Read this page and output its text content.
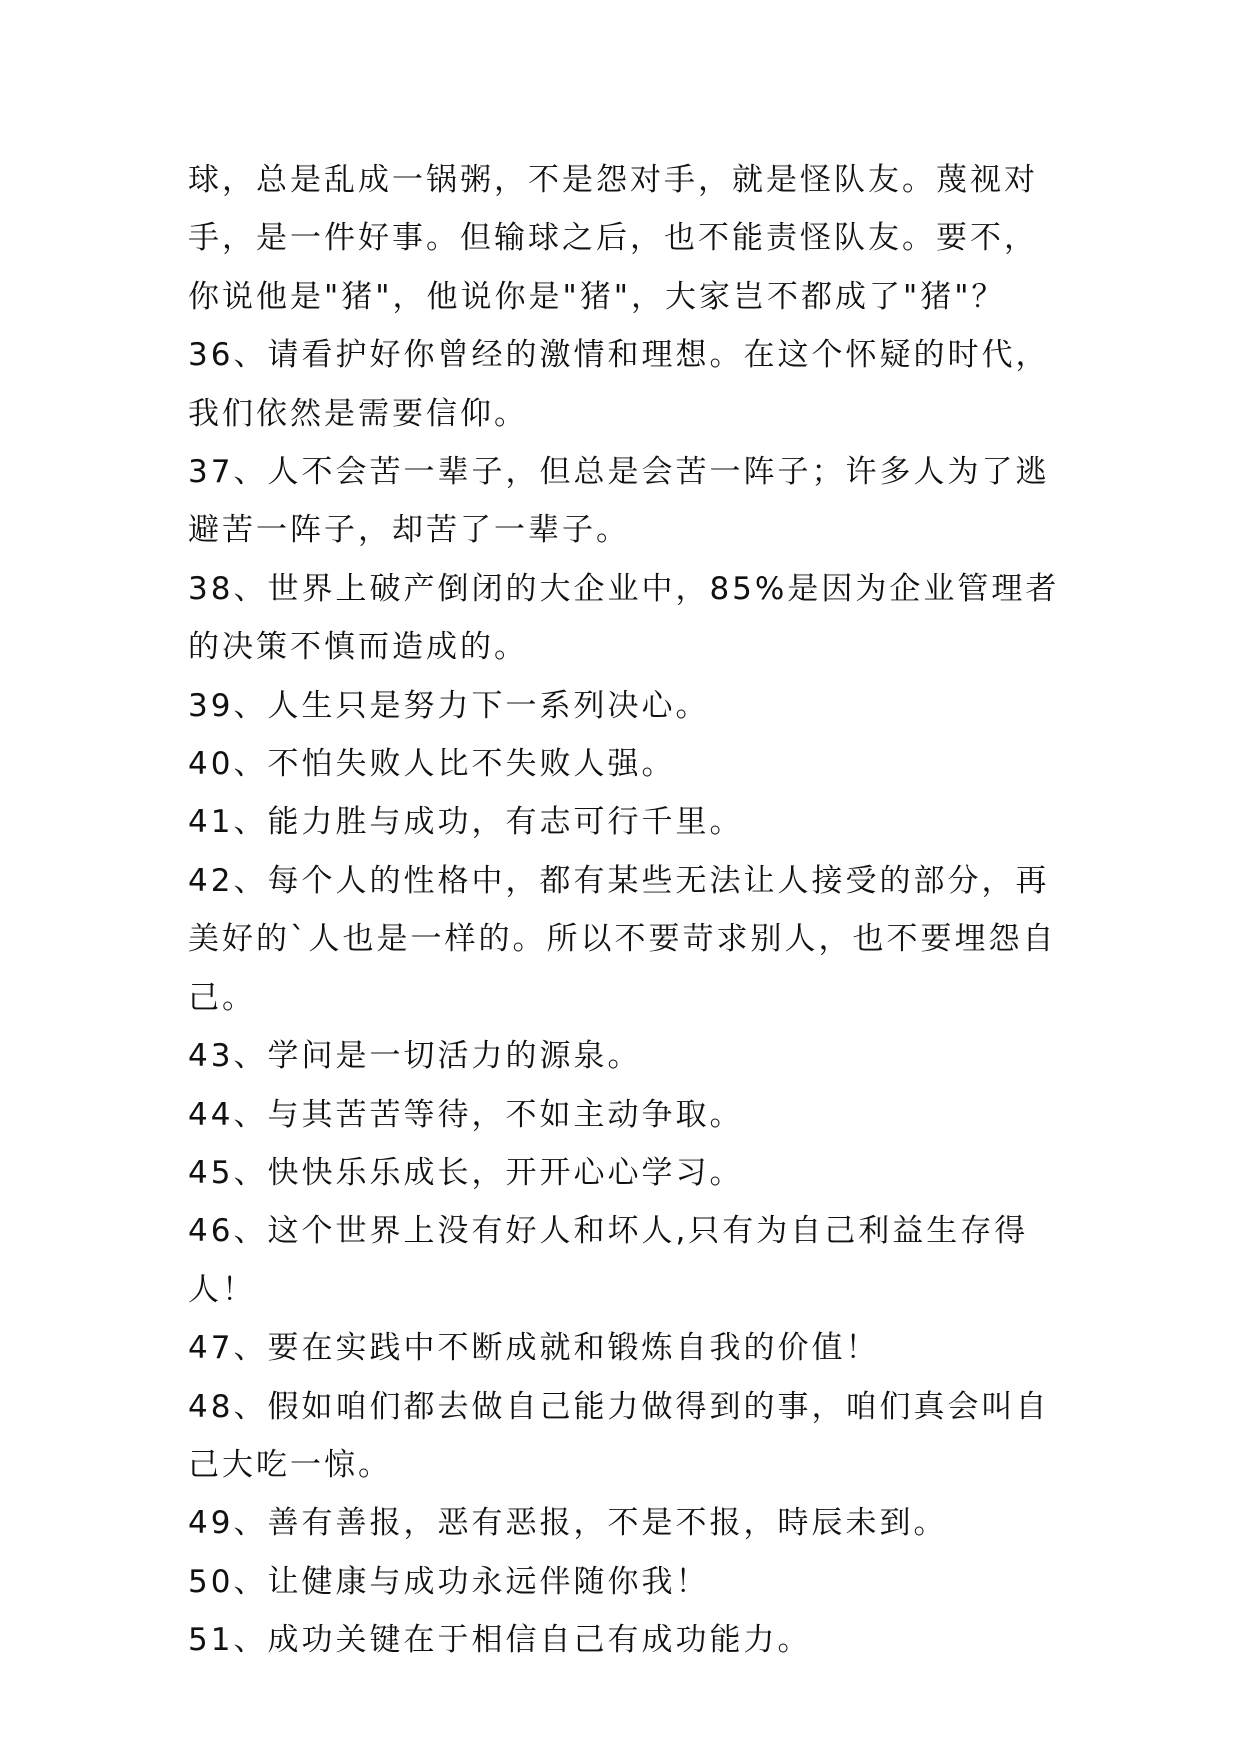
球，总是乱成一锅粥，不是怨对手，就是怪队友。蔑视对手，是一件好事。但输球之后，也不能责怪队友。要不，你说他是"猪"，他说你是"猪"，大家岂不都成了"猪"？

36、请看护好你曾经的激情和理想。在这个怀疑的时代，我们依然是需要信仰。

37、人不会苦一辈子，但总是会苦一阵子；许多人为了逃避苦一阵子，却苦了一辈子。

38、世界上破产倒闭的大企业中，85%是因为企业管理者的决策不慎而造成的。

39、人生只是努力下一系列决心。

40、不怕失败人比不失败人强。

41、能力胜与成功，有志可行千里。

42、每个人的性格中，都有某些无法让人接受的部分，再美好的`人也是一样的。所以不要苛求别人，也不要埋怨自己。

43、学问是一切活力的源泉。

44、与其苦苦等待，不如主动争取。

45、快快乐乐成长，开开心心学习。

46、这个世界上没有好人和坏人,只有为自己利益生存得人！

47、要在实践中不断成就和锻炼自我的价值！

48、假如咱们都去做自己能力做得到的事，咱们真会叫自己大吃一惊。

49、善有善报，恶有恶报，不是不报，時辰未到。

50、让健康与成功永远伴随你我！

51、成功关键在于相信自己有成功能力。
